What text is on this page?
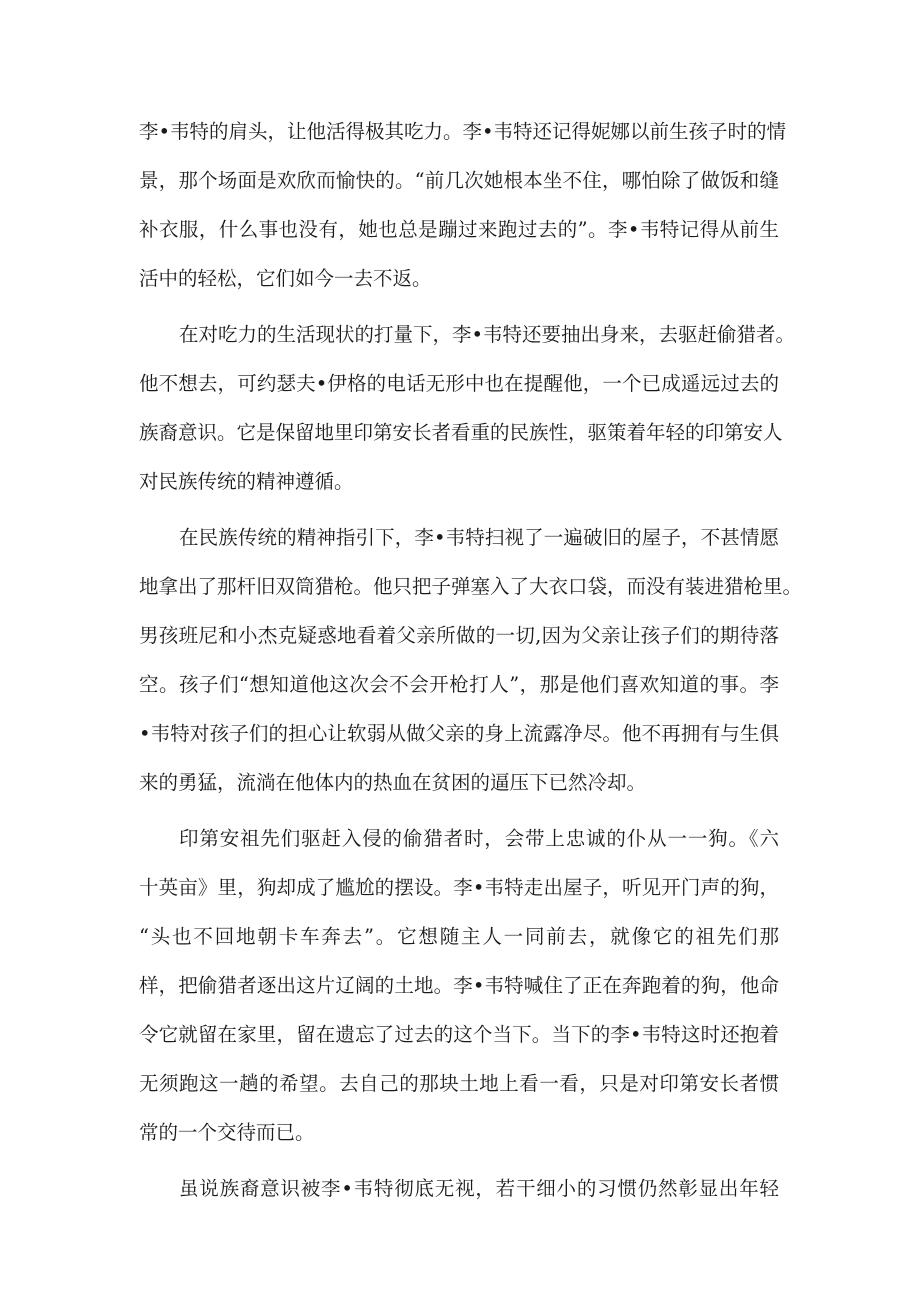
李•韦特的肩头，让他活得极其吃力。李•韦特还记得妮娜以前生孩子时的情
景，那个场面是欢欣而愉快的。“前几次她根本坐不住，哪怕除了做饭和缝
补衣服，什么事也没有，她也总是蹦过来跑过去的”。李•韦特记得从前生
活中的轻松，它们如今一去不返。
在对吃力的生活现状的打量下，李•韦特还要抽出身来，去驱赶偷猎者。
他不想去，可约瑟夫•伊格的电话无形中也在提醒他，一个已成遥远过去的
族裔意识。它是保留地里印第安长者看重的民族性，驱策着年轻的印第安人
对民族传统的精神遵循。
在民族传统的精神指引下，李•韦特扫视了一遍破旧的屋子，不甚情愿
地拿出了那杆旧双筒猎枪。他只把子弹塞入了大衣口袋，而没有装进猎枪里。
男孩班尼和小杰克疑惑地看着父亲所做的一切,因为父亲让孩子们的期待落
空。孩子们“想知道他这次会不会开枪打人”，那是他们喜欢知道的事。李
•韦特对孩子们的担心让软弱从做父亲的身上流露净尽。他不再拥有与生俱
来的勇猛，流淌在他体内的热血在贫困的逼压下已然冷却。
印第安祖先们驱赶入侵的偷猎者时，会带上忠诚的仆从一一狗。《六
十英亩》里，狗却成了尴尬的摆设。李•韦特走出屋子，听见开门声的狗，
“头也不回地朝卡车奔去”。它想随主人一同前去，就像它的祖先们那
样，把偷猎者逐出这片辽阔的土地。李•韦特喊住了正在奔跑着的狗，他命
令它就留在家里，留在遗忘了过去的这个当下。当下的李•韦特这时还抱着
无须跑这一趟的希望。去自己的那块土地上看一看，只是对印第安长者惯
常的一个交待而已。
虽说族裔意识被李•韦特彻底无视，若干细小的习惯仍然彰显出年轻
